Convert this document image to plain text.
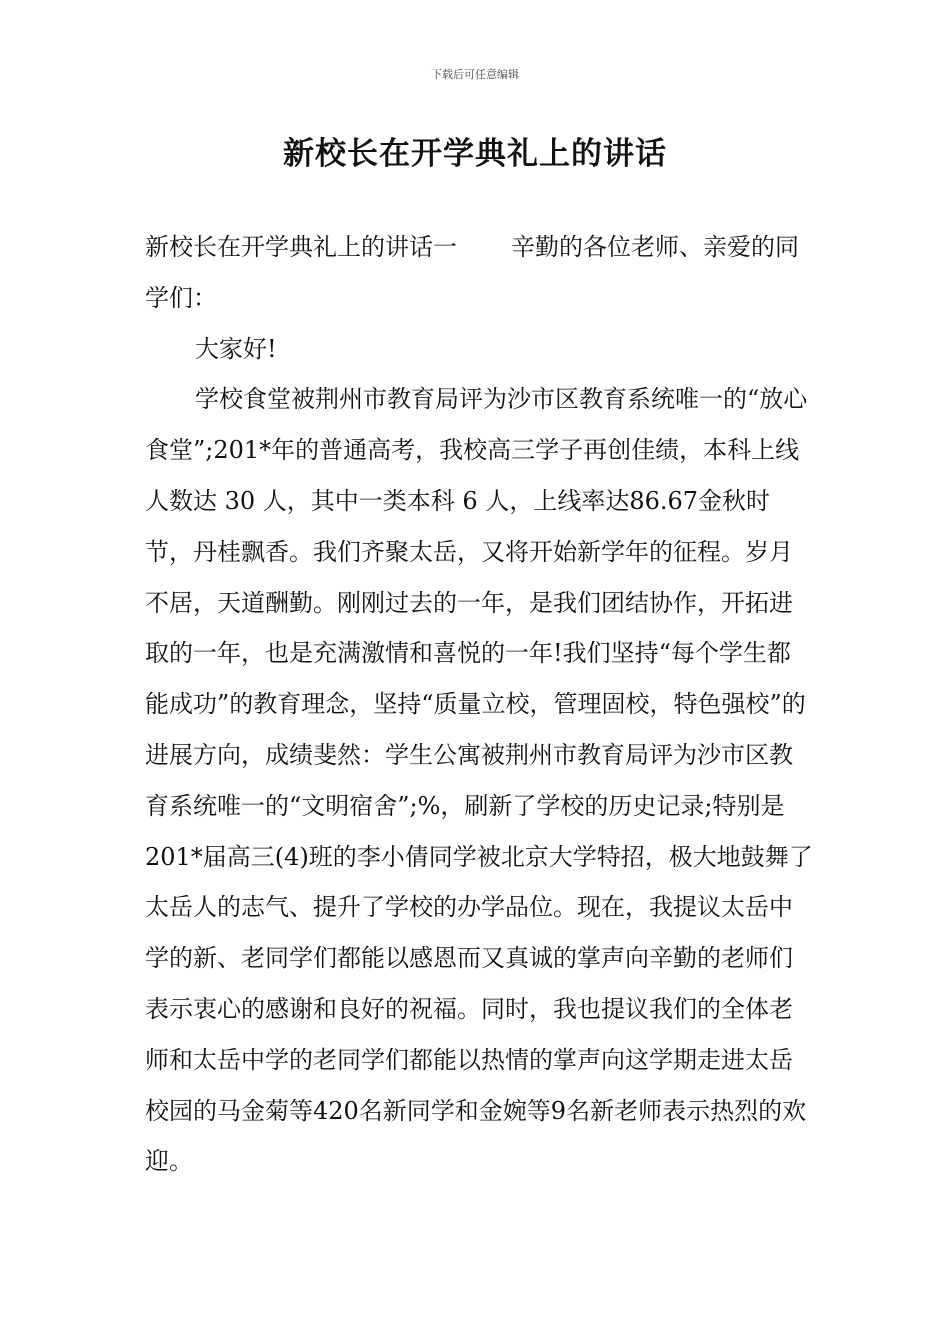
下载后可任意编辑
新校长在开学典礼上的讲话

新校长在开学典礼上的讲话一 辛勤的各位老师、亲爱的同学们：

大家好!

学校食堂被荆州市教育局评为沙市区教育系统唯一的“放心食堂”;201*年的普通高考，我校高三学子再创佳绩，本科上线人数达 30 人，其中一类本科 6 人，上线率达86.67金秋时节，丹桂飘香。我们齐聚太岳，又将开始新学年的征程。岁月不居，天道酬勤。刚刚过去的一年，是我们团结协作，开拓进取的一年，也是充满激情和喜悦的一年!我们坚持“每个学生都能成功”的教育理念，坚持“质量立校，管理固校，特色强校”的进展方向，成绩斐然：学生公寓被荆州市教育局评为沙市区教育系统唯一的“文明宿舍”;%，刷新了学校的历史记录;特别是201*届高三(4)班的李小倩同学被北京大学特招，极大地鼓舞了太岳人的志气、提升了学校的办学品位。现在，我提议太岳中学的新、老同学们都能以感恩而又真诚的掌声向辛勤的老师们表示衷心的感谢和良好的祝福。同时，我也提议我们的全体老师和太岳中学的老同学们都能以热情的掌声向这学期走进太岳校园的马金菊等420名新同学和金婉等9名新老师表示热烈的欢迎。
